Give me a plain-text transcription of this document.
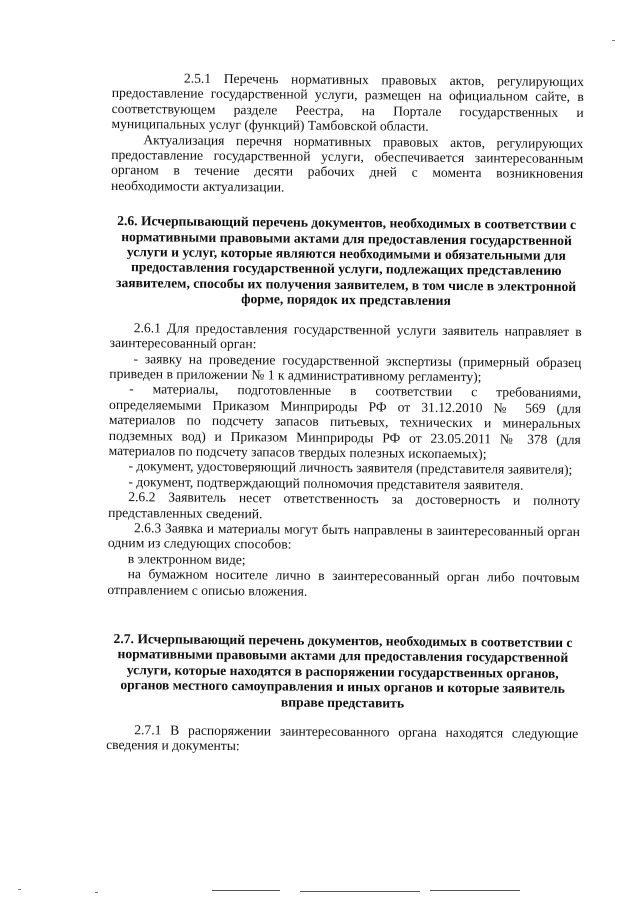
2.5.1 Перечень нормативных правовых актов, регулирующих предоставление государственной услуги, размещен на официальном сайте, в соответствующем разделе Реестра, на Портале государственных и муниципальных услуг (функций) Тамбовской области.

Актуализация перечня нормативных правовых актов, регулирующих предоставление государственной услуги, обеспечивается заинтересованным органом в течение десяти рабочих дней с момента возникновения необходимости актуализации.

2.6. Исчерпывающий перечень документов, необходимых в соответствии с нормативными правовыми актами для предоставления государственной услуги и услуг, которые являются необходимыми и обязательными для предоставления государственной услуги, подлежащих представлению заявителем, способы их получения заявителем, в том числе в электронной форме, порядок их представления

2.6.1 Для предоставления государственной услуги заявитель направляет в заинтересованный орган:

- заявку на проведение государственной экспертизы (примерный образец приведен в приложении № 1 к административному регламенту);

- материалы, подготовленные в соответствии с требованиями, определяемыми Приказом Минприроды РФ от 31.12.2010 № 569 (для материалов по подсчету запасов питьевых, технических и минеральных подземных вод) и Приказом Минприроды РФ от 23.05.2011 № 378 (для материалов по подсчету запасов твердых полезных ископаемых);

- документ, удостоверяющий личность заявителя (представителя заявителя);

- документ, подтверждающий полномочия представителя заявителя.

2.6.2 Заявитель несет ответственность за достоверность и полноту представленных сведений.

2.6.3 Заявка и материалы могут быть направлены в заинтересованный орган одним из следующих способов:

в электронном виде;

на бумажном носителе лично в заинтересованный орган либо почтовым отправлением с описью вложения.

2.7. Исчерпывающий перечень документов, необходимых в соответствии с нормативными правовыми актами для предоставления государственной услуги, которые находятся в распоряжении государственных органов, органов местного самоуправления и иных органов и которые заявитель вправе представить

2.7.1 В распоряжении заинтересованного органа находятся следующие сведения и документы:
